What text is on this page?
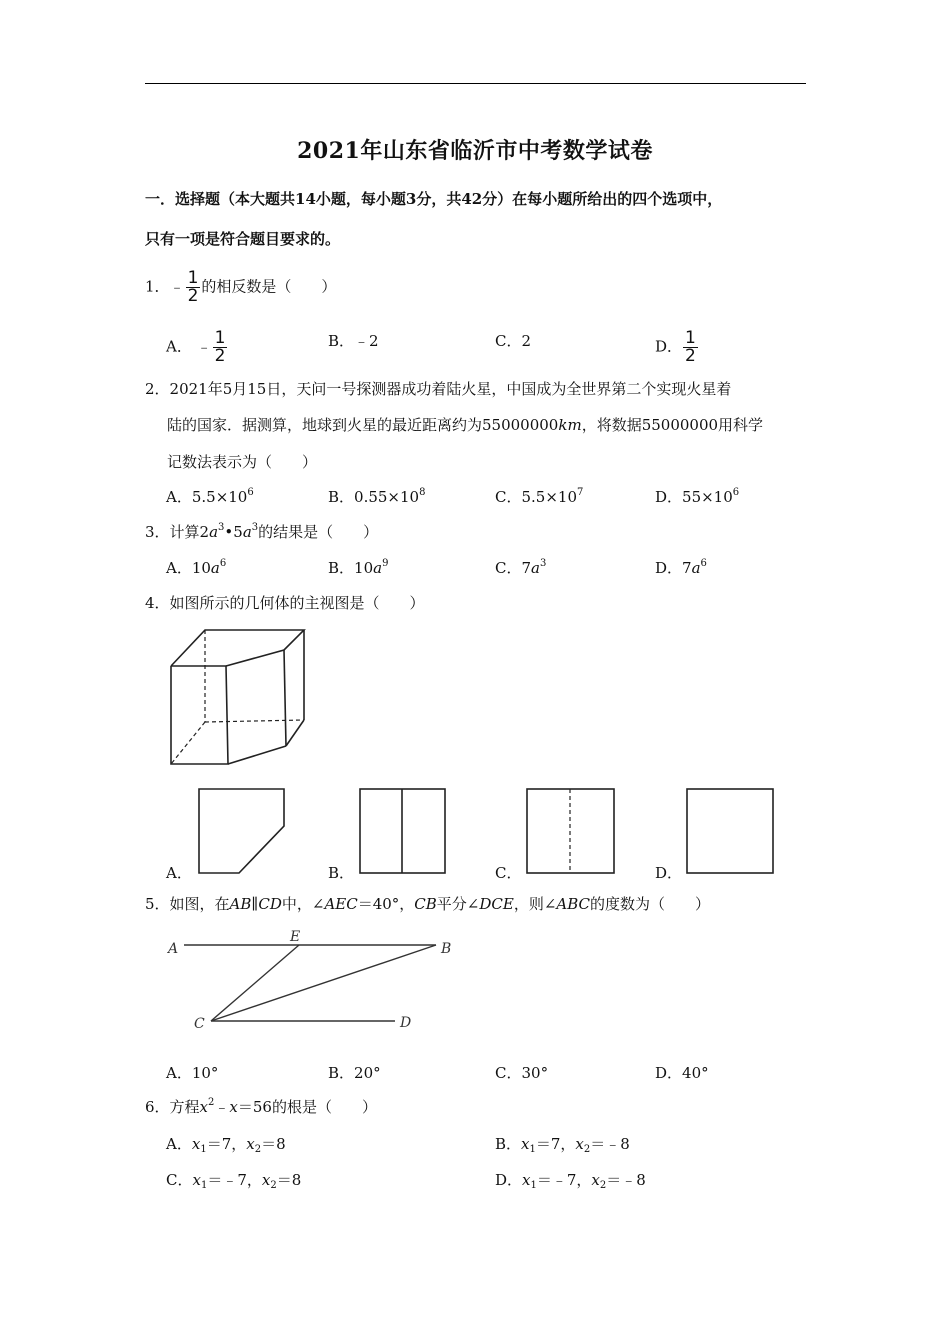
2021年山东省临沂市中考数学试卷
一．选择题（本大题共14小题，每小题3分，共42分）在每小题所给出的四个选项中，
只有一项是符合题目要求的。
1．﹣ $\frac{1}{2}$ 的相反数是（　　）
A． ﹣ $\frac{1}{2}$	B．﹣2	C．2	D． $\frac{1}{2}$
2．2021年5月15日，天问一号探测器成功着陆火星，中国成为全世界第二个实现火星着
陆的国家．据测算，地球到火星的最近距离约为55000000km，将数据55000000用科学
记数法表示为（　　）
A．$5.5\times 10^6$	B．$0.55\times 10^8$	C．$5.5\times 10^7$	D．$55\times 10^6$
3．计算$2a^3•5a^3$的结果是（　　）
A．$10a^6$	B．$10a^9$	C．$7a^3$	D．$7a^6$
4．如图所示的几何体的主视图是（　　）
A．	B．	C．	D．
5．如图，在AB∥CD中，∠AEC＝40°，CB平分∠DCE，则∠ABC的度数为（　　）
A
E
B
C	D
A．10°	B．20°	C．30°	D．40°
6．方程$x^2﹣x=56$的根是（　　）
A．$x_1=7$，$x_2=8$	B．$x_1=7$，$x_2=﹣8$
C．$x_1=﹣7$，$x_2=8$	D．$x_1=﹣7$，$x_2=﹣8$
